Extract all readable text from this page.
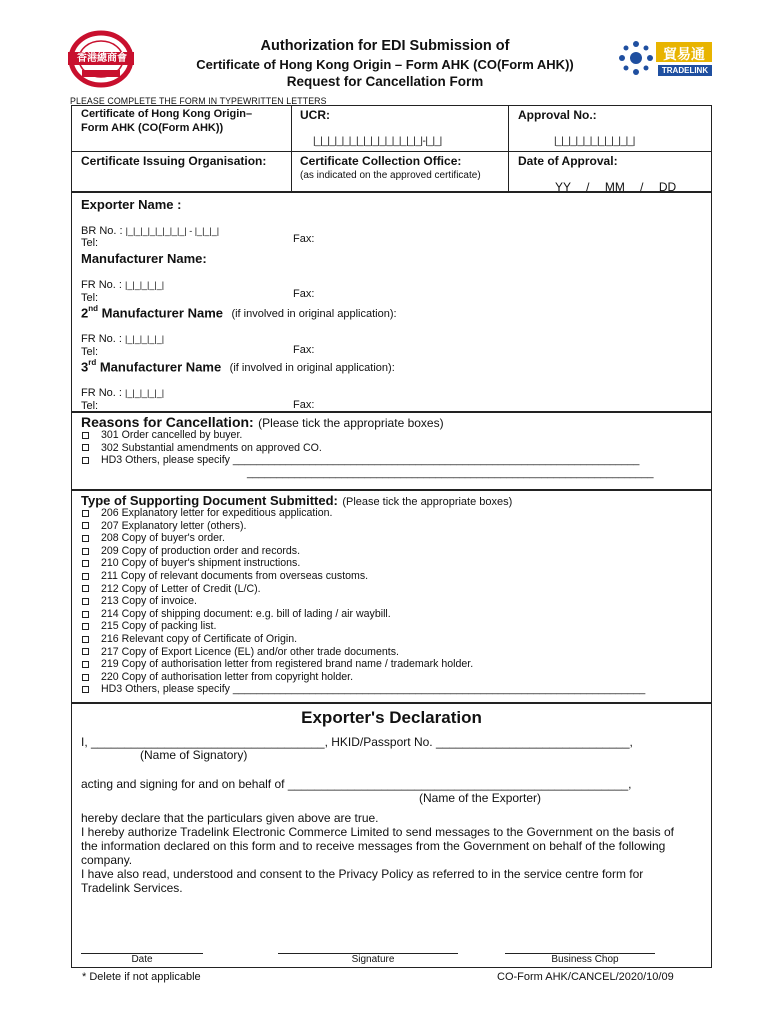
香港總商會
Authorization for EDI Submission of
Certificate of Hong Kong Origin – Form AHK (CO(Form AHK))
Request for Cancellation Form
貿易通
TRADELINK
PLEASE COMPLETE THE FORM IN TYPEWRITTEN LETTERS
Certificate of Hong Kong Origin–
Form AHK (CO(Form AHK))
UCR:
|_|_|_|_|_|_|_|_|_|_|_|_|_|_|_|-|_|_|
Approval No.:
|_|_|_|_|_|_|_|_|_|_|_|
Certificate Issuing Organisation:	Certificate Collection Office:
(as indicated on the approved certificate)
Date of Approval:
YY / MM / DD
Exporter Name :
BR No. : |_|_|_|_|_|_|_|_| - |_|_|_|
Tel:	Fax:
Manufacturer Name:
FR No. : |_|_|_|_|_|
Tel:	Fax:
2nd Manufacturer Name (if involved in original application):
FR No. : |_|_|_|_|_|
Tel:	Fax:
3rd Manufacturer Name (if involved in original application):
FR No. : |_|_|_|_|_|
Tel:	Fax:
Reasons for Cancellation: (Please tick the appropriate boxes)
301 Order cancelled by buyer.
302 Substantial amendments on approved CO.
HD3 Others, please specify _____________________________________________________________________
_____________________________________________________________________
Type of Supporting Document Submitted: (Please tick the appropriate boxes)
206 Explanatory letter for expeditious application.
207 Explanatory letter (others).
208 Copy of buyer's order.
209 Copy of production order and records.
210 Copy of buyer's shipment instructions.
211 Copy of relevant documents from overseas customs.
212 Copy of Letter of Credit (L/C).
213 Copy of invoice.
214 Copy of shipping document: e.g. bill of lading / air waybill.
215 Copy of packing list.
216 Relevant copy of Certificate of Origin.
217 Copy of Export Licence (EL) and/or other trade documents.
219 Copy of authorisation letter from registered brand name / trademark holder.
220 Copy of authorisation letter from copyright holder.
HD3 Others, please specify ______________________________________________________________________
Exporter's Declaration
I, ___________________________________, HKID/Passport No. _____________________________,
(Name of Signatory)
acting and signing for and on behalf of ___________________________________________________,
(Name of the Exporter)
hereby declare that the particulars given above are true.
I hereby authorize Tradelink Electronic Commerce Limited to send messages to the Government on the basis of the information declared on this form and to receive messages from the Government on behalf of the following company.
I have also read, understood and consent to the Privacy Policy as referred to in the service centre form for Tradelink Services.
Date	Signature	Business Chop
* Delete if not applicable	CO-Form AHK/CANCEL/2020/10/09
